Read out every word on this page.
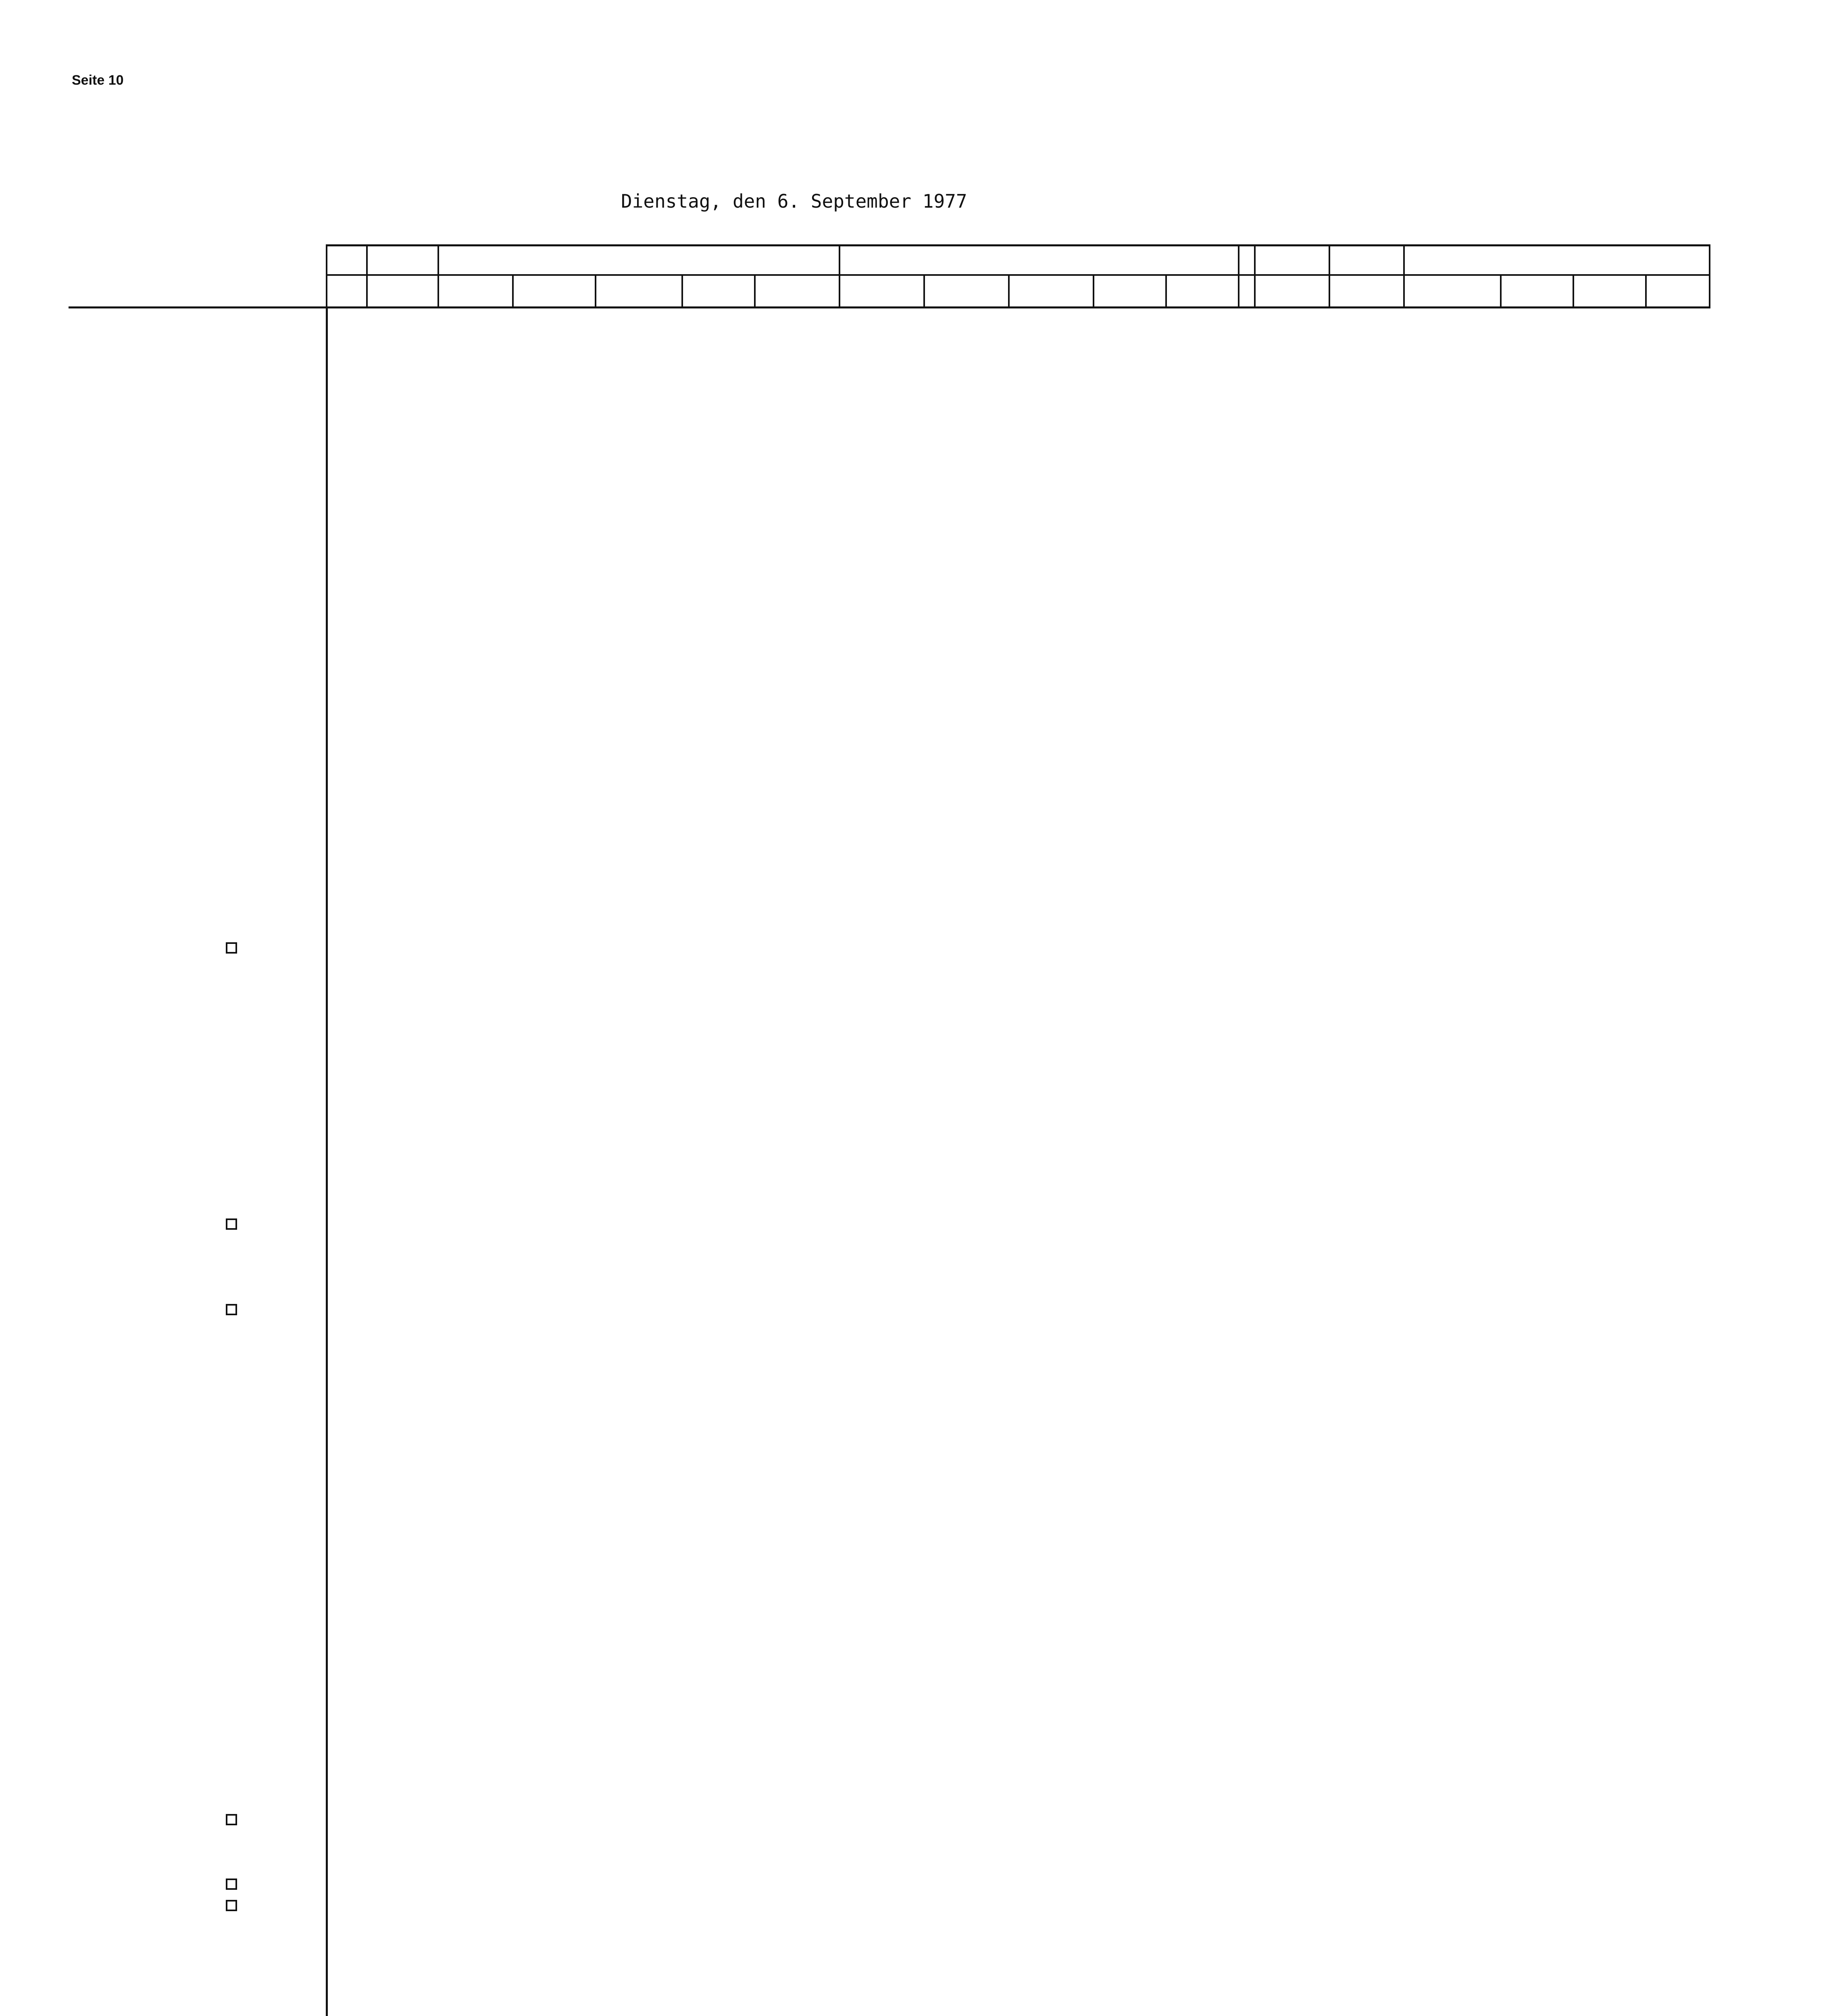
Seite 10
Dienstag, den 6. September 1977
